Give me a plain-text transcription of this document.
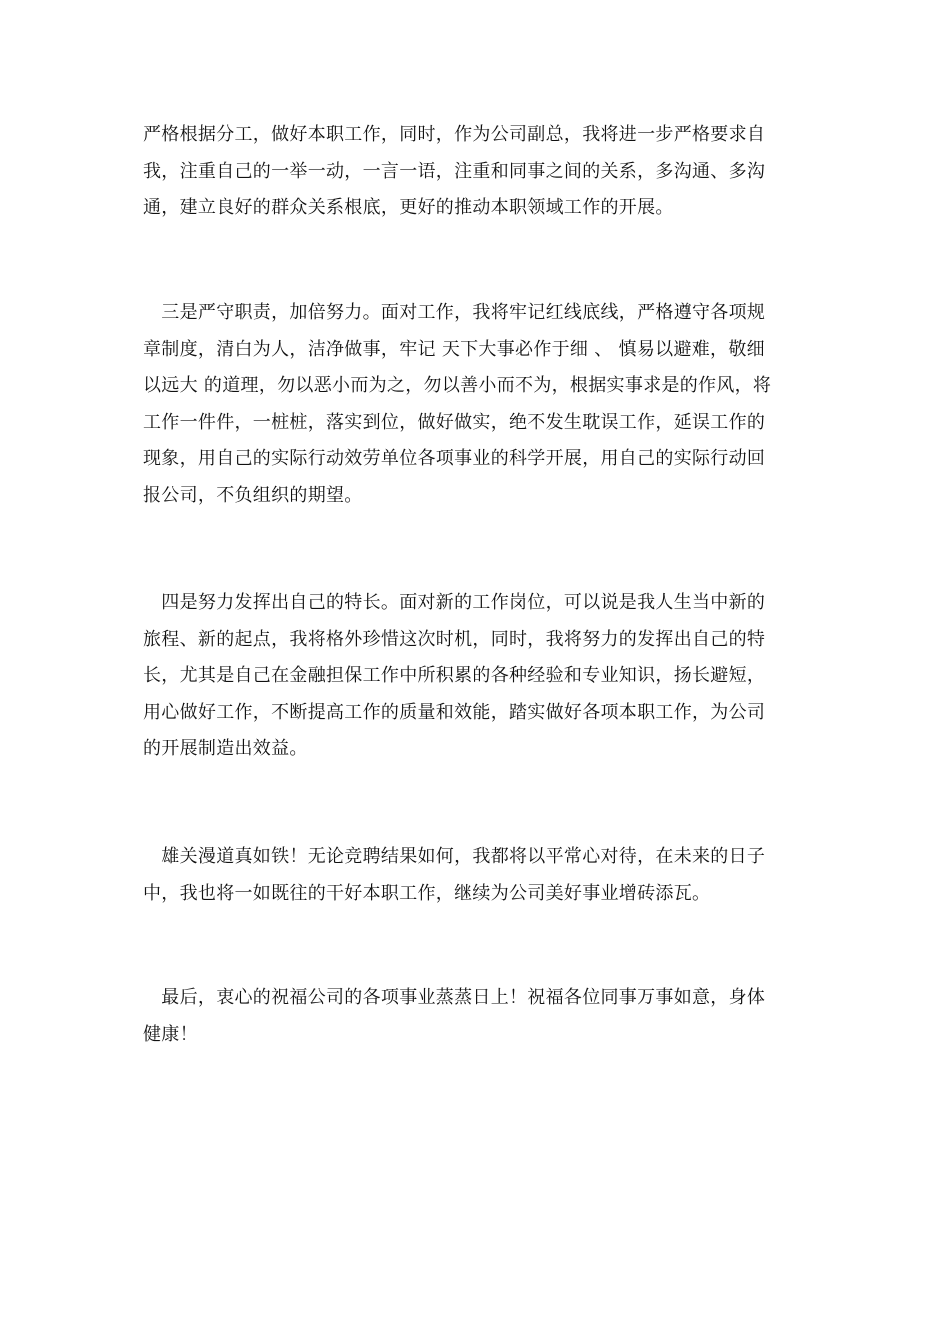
严格根据分工，做好本职工作，同时，作为公司副总，我将进一步严格要求自
我，注重自己的一举一动，一言一语，注重和同事之间的关系，多沟通、多沟
通，建立良好的群众关系根底，更好的推动本职领域工作的开展。

　三是严守职责，加倍努力。面对工作，我将牢记红线底线，严格遵守各项规
章制度，清白为人，洁净做事，牢记 天下大事必作于细 、 慎易以避难，敬细
以远大 的道理，勿以恶小而为之，勿以善小而不为，根据实事求是的作风，将
工作一件件，一桩桩，落实到位，做好做实，绝不发生耽误工作，延误工作的
现象，用自己的实际行动效劳单位各项事业的科学开展，用自己的实际行动回
报公司，不负组织的期望。

　四是努力发挥出自己的特长。面对新的工作岗位，可以说是我人生当中新的
旅程、新的起点，我将格外珍惜这次时机，同时，我将努力的发挥出自己的特
长，尤其是自己在金融担保工作中所积累的各种经验和专业知识，扬长避短，
用心做好工作，不断提高工作的质量和效能，踏实做好各项本职工作，为公司
的开展制造出效益。

　雄关漫道真如铁！无论竞聘结果如何，我都将以平常心对待，在未来的日子
中，我也将一如既往的干好本职工作，继续为公司美好事业增砖添瓦。

　最后，衷心的祝福公司的各项事业蒸蒸日上！祝福各位同事万事如意，身体
健康！
